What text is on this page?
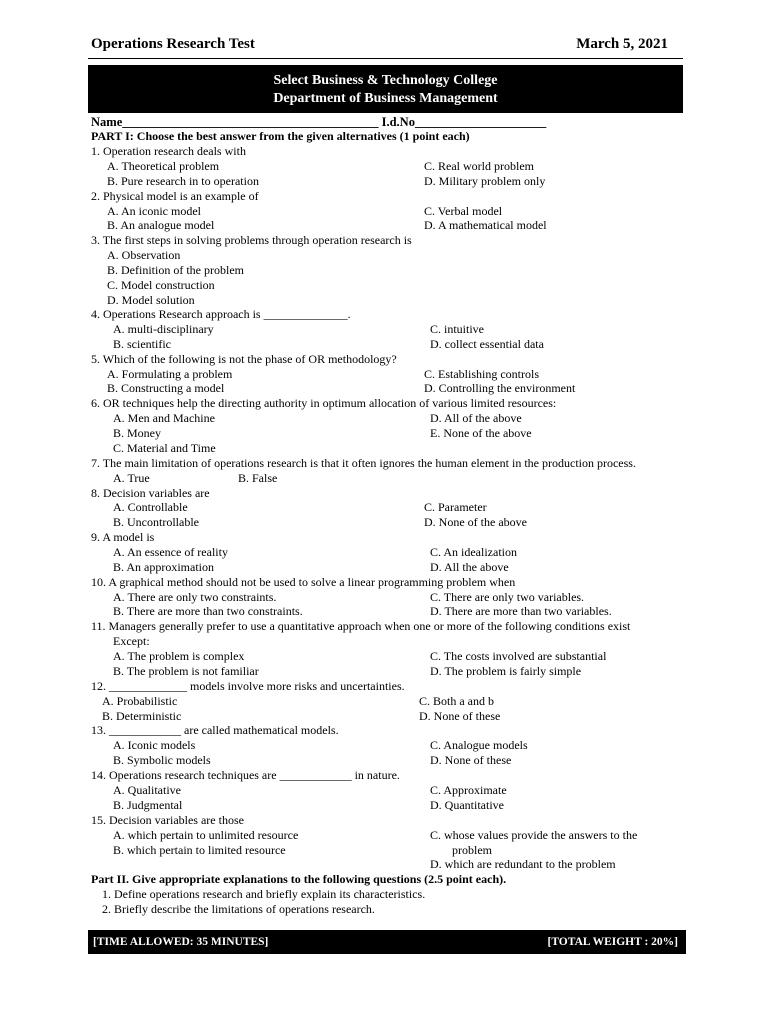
Operations Research Test	March 5, 2021
Select Business & Technology College
Department of Business Management
Name_________________________________________ I.d.No_____________________
PART I: Choose the best answer from the given alternatives (1 point each)
1. Operation research deals with
A. Theoretical problem
B. Pure research in to operation
C. Real world problem
D. Military problem only
2. Physical model is an example of
A. An iconic model
B. An analogue model
C. Verbal model
D. A mathematical model
3. The first steps in solving problems through operation research is
A. Observation
B. Definition of the problem
C. Model construction
D. Model solution
4. Operations Research approach is ______________.
A. multi-disciplinary
B. scientific
C. intuitive
D. collect essential data
5. Which of the following is not the phase of OR methodology?
A. Formulating a problem
B. Constructing a model
C. Establishing controls
D. Controlling the environment
6. OR techniques help the directing authority in optimum allocation of various limited resources:
A. Men and Machine
B. Money
C. Material and Time
D. All of the above
E. None of the above
7. The main limitation of operations research is that it often ignores the human element in the production process.
A. True	B. False
8. Decision variables are
A. Controllable
B. Uncontrollable
C. Parameter
D. None of the above
9. A model is
A. An essence of reality
B. An approximation
C. An idealization
D. All the above
10. A graphical method should not be used to solve a linear programming problem when
A. There are only two constraints.
B. There are more than two constraints.
C. There are only two variables.
D. There are more than two variables.
11. Managers generally prefer to use a quantitative approach when one or more of the following conditions exist
Except:
A. The problem is complex
B. The problem is not familiar
C. The costs involved are substantial
D. The problem is fairly simple
12. _____________ models involve more risks and uncertainties.
A. Probabilistic
B. Deterministic
C. Both a and b
D. None of these
13. ____________ are called mathematical models.
A. Iconic models
B. Symbolic models
C. Analogue models
D. None of these
14. Operations research techniques are ____________ in nature.
A. Qualitative
B. Judgmental
C. Approximate
D. Quantitative
15. Decision variables are those
A. which pertain to unlimited resource
B. which pertain to limited resource
C. whose values provide the answers to the
problem
D. which are redundant to the problem
Part II. Give appropriate explanations to the following questions (2.5 point each).
1. Define operations research and briefly explain its characteristics.
2. Briefly describe the limitations of operations research.
[TIME ALLOWED: 35 MINUTES]	[TOTAL WEIGHT : 20%]
